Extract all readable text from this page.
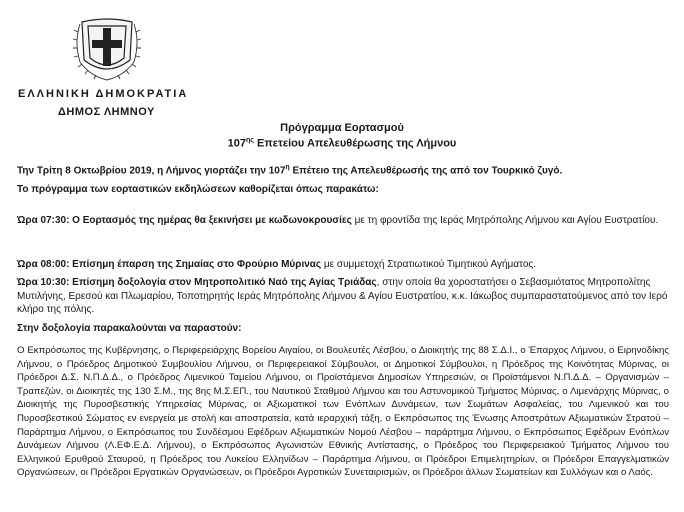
ΕΛΛΗΝΙΚΗ ΔΗΜΟΚΡΑΤΙΑ
ΔΗΜΟΣ ΛΗΜΝΟΥ
Πρόγραμμα Εορτασμού
$107^{\eta\varsigma}$ Επετείου Απελευθέρωσης της Λήμνου
Την Τρίτη 8 Οκτωβρίου 2019, η Λήμνος γιορτάζει την $107^\eta$ Επέτειο της Απελευθέρωσής της από τον Τουρκικό ζυγό.
Το πρόγραμμα των εορταστικών εκδηλώσεων καθορίζεται όπως παρακάτω:
Ώρα 07:30: Ο Εορτασμός της ημέρας θα ξεκινήσει με κωδωνοκρουσίες με τη φροντίδα της Ιεράς Μητρόπολης Λήμνου και Αγίου Ευστρατίου.
Ώρα 08:00: Επίσημη έπαρση της Σημαίας στο Φρούριο Μύρινας με συμμετοχή Στρατιωτικού Τιμητικού Αγήματος.
Ώρα 10:30: Επίσημη δοξολογία στον Μητροπολιτικό Ναό της Αγίας Τριάδας, στην οποία θα χοροστατήσει ο Σεβασμιότατος Μητροπολίτης Μυτιλήνης, Ερεσού και Πλωμαρίου, Τοποτηρητής Ιεράς Μητρόπολης Λήμνου & Αγίου Ευστρατίου, κ.κ. Ιάκωβος συμπαραστατούμενος από τον Ιερό κλήρο της πόλης.
Στην δοξολογία παρακαλούνται να παραστούν:
Ο Εκπρόσωπος της Κυβέρνησης, ο Περιφερειάρχης Βορείου Αιγαίου, οι Βουλευτές Λέσβου, ο Διοικητής της 88 Σ.Δ.Ι., ο Έπαρχος Λήμνου, ο Ειρηνοδίκης Λήμνου, ο Πρόεδρος Δημοτικού Συμβουλίου Λήμνου, οι Περιφερειακοί Σύμβουλοι, οι Δημοτικοί Σύμβουλοι, η Πρόεδρος της Κοινότητας Μύρινας, οι Πρόεδροι Δ.Σ. Ν.Π.Δ.Δ., ο Πρόεδρος Λιμενικού Ταμείου Λήμνου, οι Προϊστάμενοι Δημοσίων Υπηρεσιών, οι Προϊστάμενοι Ν.Π.Δ.Δ. – Οργανισμών – Τραπεζών, οι Διοικητές της 130 Σ.Μ., της 8ης Μ.Σ.ΕΠ., του Ναυτικού Σταθμού Λήμνου και του Αστυνομικού Τμήματος Μύρινας, ο Λιμενάρχης Μύρινας, ο Διοικητής της Πυροσβεστικής Υπηρεσίας Μύρινας, οι Αξιωματικοί των Ενόπλων Δυνάμεων, των Σωμάτων Ασφαλείας, του Λιμενικού και του Πυροσβεστικού Σώματος εν ενεργεία με στολή και αποστρατεία, κατά ιεραρχική τάξη, ο Εκπρόσωπος της Ένωσης Αποστράτων Αξιωματικών Στρατού – Παράρτημα Λήμνου, ο Εκπρόσωπος του Συνδέσμου Εφέδρων Αξιωματικών Νομού Λέσβου – παράρτημα Λήμνου, ο Εκπρόσωπος Εφέδρων Ενόπλων Δυνάμεων Λήμνου (Λ.ΕΦ.Ε.Δ. Λήμνου), ο Εκπρόσωπος Αγωνιστών Εθνικής Αντίστασης, ο Πρόεδρος του Περιφερειακού Τμήματος Λήμνου του Ελληνικού Ερυθρού Σταυρού, η Πρόεδρος του Λυκείου Ελληνίδων – Παράρτημα Λήμνου, οι Πρόεδροι Επιμελητηρίων, οι Πρόεδροι Επαγγελματικών Οργανώσεων, οι Πρόεδροι Εργατικών Οργανώσεων, οι Πρόεδροι Αγροτικών Συνεταιρισμών, οι Πρόεδροι άλλων Σωματείων και Συλλόγων και ο Λαός.
